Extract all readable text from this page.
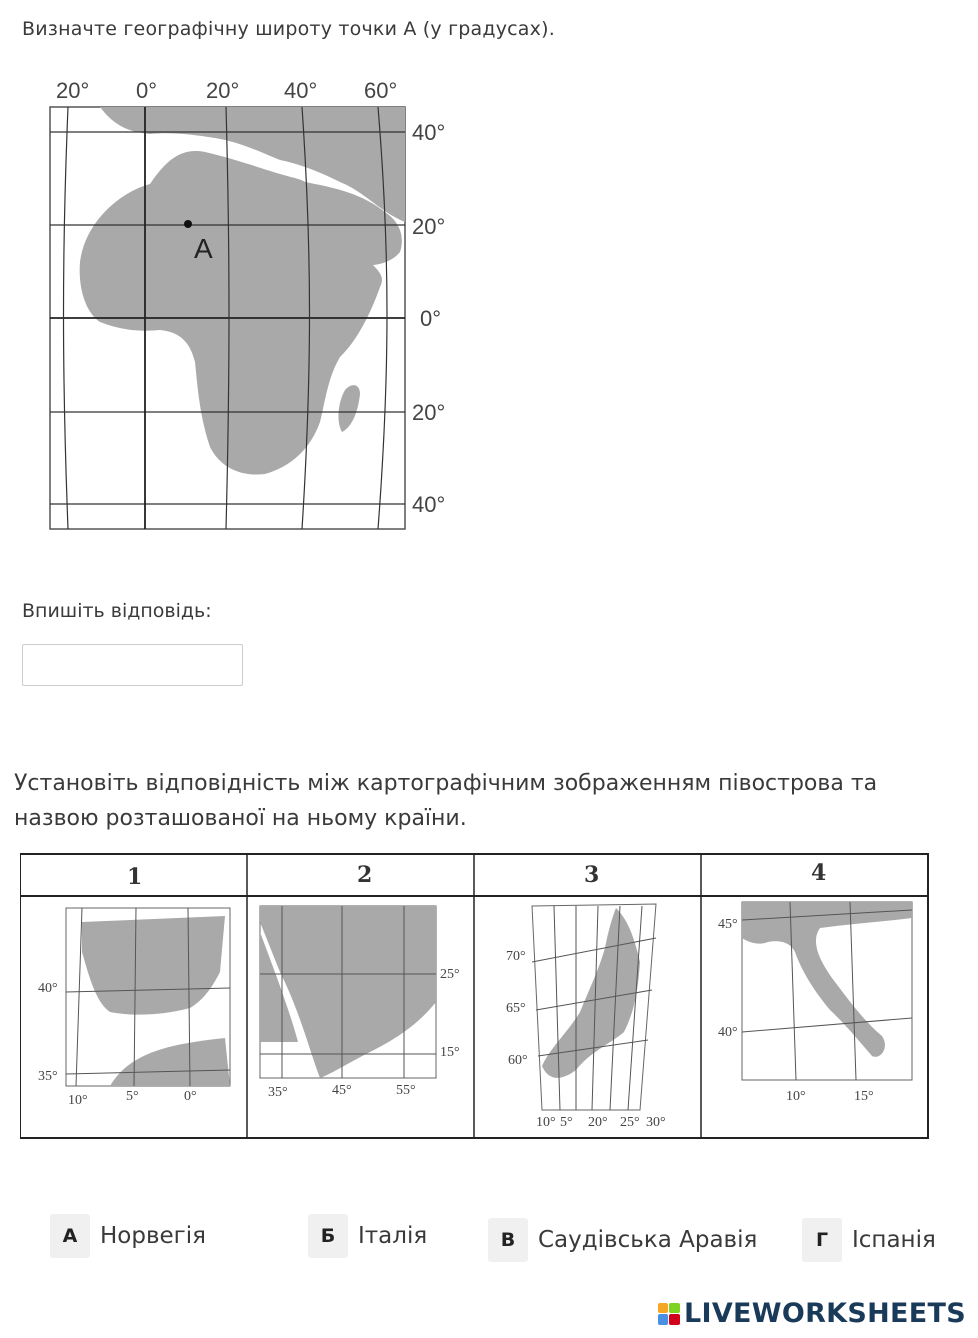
Визначте географічну широту точки А (у градусах).
20° 0° 20° 40° 60°
А
40°
20°
0°
20°
40°
Впишіть відповідь:
Установіть відповідність між картографічним зображенням півострова та назвою розташованої на ньому країни.
1	2	3	4
40°
35°
10°	5°	0°
25°
15°
35°	45°	55°
70°
65°
60°
10° 5° 20° 25° 30°
45°
40°
10°	15°
А Норвегія	Б Італія	В Саудівська Аравія	Г	Іспанія
LIVEWORKSHEETS
